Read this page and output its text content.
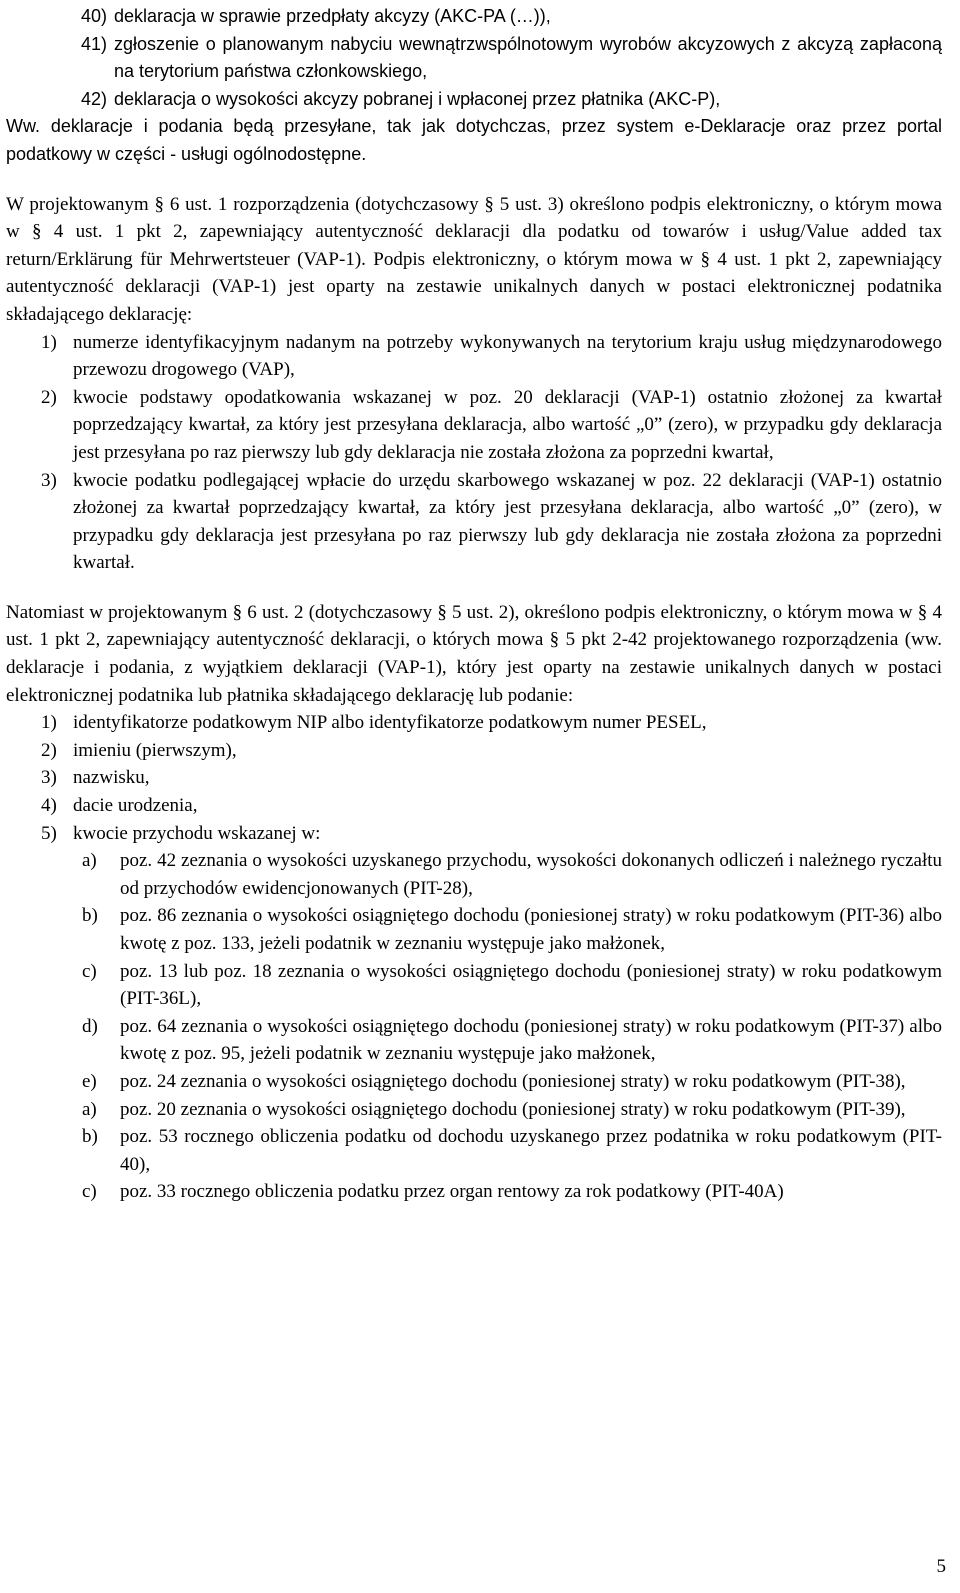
40) deklaracja w sprawie przedpłaty akcyzy (AKC-PA (…)),
41) zgłoszenie o planowanym nabyciu wewnątrzwspólnotowym wyrobów akcyzowych z akcyzą zapłaconą na terytorium państwa członkowskiego,
42) deklaracja o wysokości akcyzy pobranej i wpłaconej przez płatnika (AKC-P),
Ww. deklaracje i podania będą przesyłane, tak jak dotychczas, przez system e-Deklaracje oraz przez portal podatkowy w części - usługi ogólnodostępne.
W projektowanym § 6 ust. 1 rozporządzenia (dotychczasowy § 5 ust. 3) określono podpis elektroniczny, o którym mowa w § 4 ust. 1 pkt 2, zapewniający autentyczność deklaracji dla podatku od towarów i usług/Value added tax return/Erklärung für Mehrwertsteuer (VAP-1). Podpis elektroniczny, o którym mowa w § 4 ust. 1 pkt 2, zapewniający autentyczność deklaracji (VAP-1) jest oparty na zestawie unikalnych danych w postaci elektronicznej podatnika składającego deklarację:
1) numerze identyfikacyjnym nadanym na potrzeby wykonywanych na terytorium kraju usług międzynarodowego przewozu drogowego (VAP),
2) kwocie podstawy opodatkowania wskazanej w poz. 20 deklaracji (VAP-1) ostatnio złożonej za kwartał poprzedzający kwartał, za który jest przesyłana deklaracja, albo wartość „0” (zero), w przypadku gdy deklaracja jest przesyłana po raz pierwszy lub gdy deklaracja nie została złożona za poprzedni kwartał,
3) kwocie podatku podlegającej wpłacie do urzędu skarbowego wskazanej w poz. 22 deklaracji (VAP-1) ostatnio złożonej za kwartał poprzedzający kwartał, za który jest przesyłana deklaracja, albo wartość „0” (zero), w przypadku gdy deklaracja jest przesyłana po raz pierwszy lub gdy deklaracja nie została złożona za poprzedni kwartał.
Natomiast w projektowanym § 6 ust. 2 (dotychczasowy § 5 ust. 2), określono podpis elektroniczny, o którym mowa w § 4 ust. 1 pkt 2, zapewniający autentyczność deklaracji, o których mowa § 5 pkt 2-42 projektowanego rozporządzenia (ww. deklaracje i podania, z wyjątkiem deklaracji (VAP-1), który jest oparty na zestawie unikalnych danych w postaci elektronicznej podatnika lub płatnika składającego deklarację lub podanie:
1) identyfikatorze podatkowym NIP albo identyfikatorze podatkowym numer PESEL,
2) imieniu (pierwszym),
3) nazwisku,
4) dacie urodzenia,
5) kwocie przychodu wskazanej w:
a)	poz. 42 zeznania o wysokości uzyskanego przychodu, wysokości dokonanych odliczeń i należnego ryczałtu od przychodów ewidencjonowanych (PIT-28),
b)	poz. 86 zeznania o wysokości osiągniętego dochodu (poniesionej straty) w roku podatkowym (PIT-36) albo kwotę z poz. 133, jeżeli podatnik w zeznaniu występuje jako małżonek,
c)	poz. 13 lub poz. 18 zeznania o wysokości osiągniętego dochodu (poniesionej straty) w roku podatkowym (PIT-36L),
d)	poz. 64 zeznania o wysokości osiągniętego dochodu (poniesionej straty) w roku podatkowym (PIT-37) albo kwotę z poz. 95, jeżeli podatnik w zeznaniu występuje jako małżonek,
e)	poz. 24 zeznania o wysokości osiągniętego dochodu (poniesionej straty) w roku podatkowym (PIT-38),
a)	poz. 20 zeznania o wysokości osiągniętego dochodu (poniesionej straty) w roku podatkowym (PIT-39),
b)	poz. 53 rocznego obliczenia podatku od dochodu uzyskanego przez podatnika w roku podatkowym (PIT-40),
c)	poz. 33 rocznego obliczenia podatku przez organ rentowy za rok podatkowy (PIT-40A)
5
